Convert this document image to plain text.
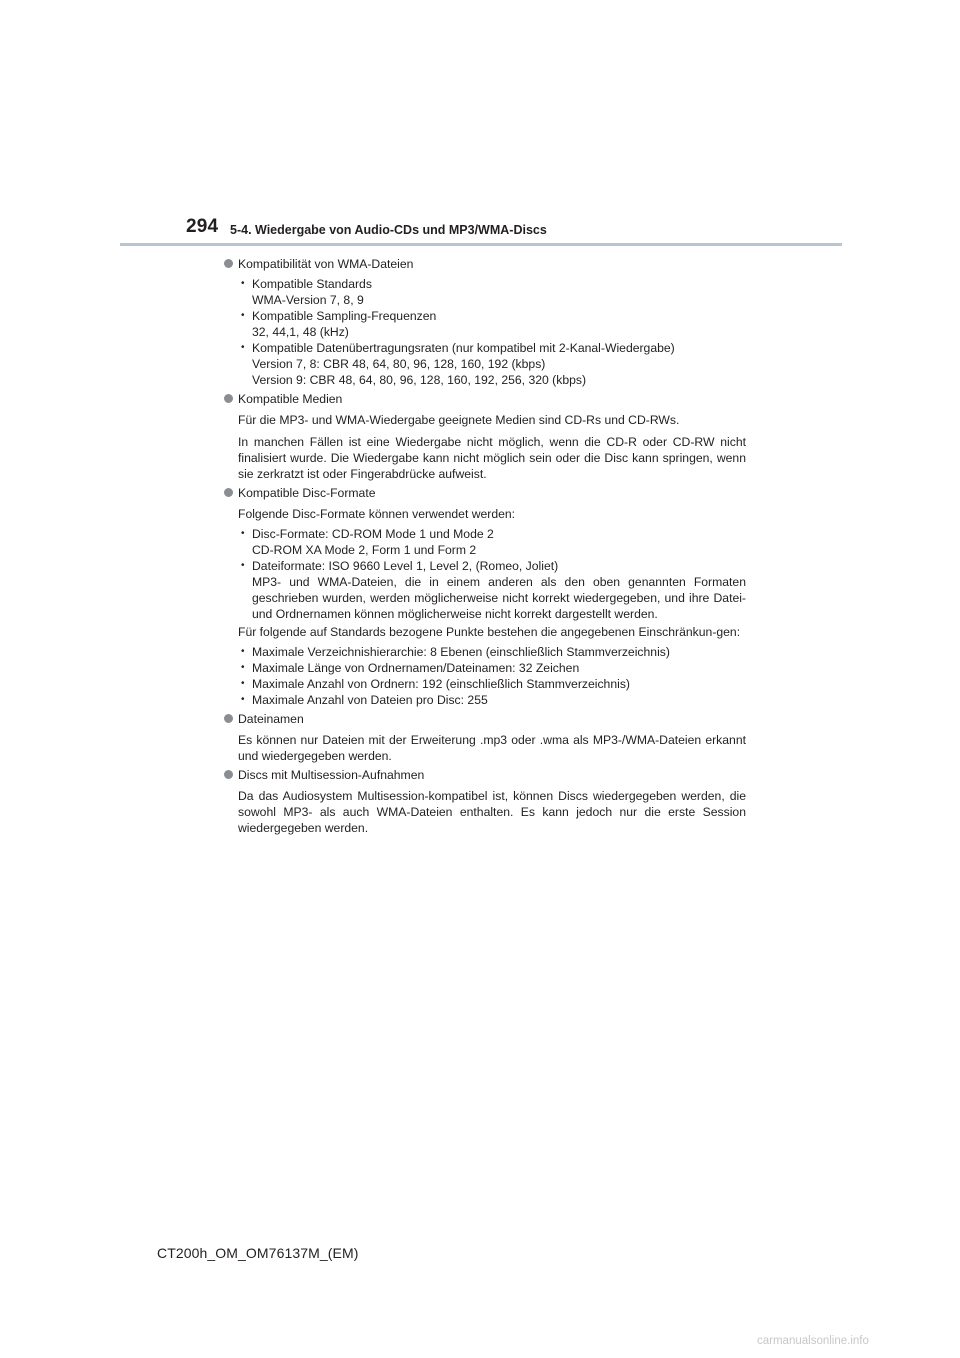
294 5-4. Wiedergabe von Audio-CDs und MP3/WMA-Discs
Kompatibilität von WMA-Dateien
• Kompatible Standards
WMA-Version 7, 8, 9
• Kompatible Sampling-Frequenzen
32, 44,1, 48 (kHz)
• Kompatible Datenübertragungsraten (nur kompatibel mit 2-Kanal-Wiedergabe)
Version 7, 8: CBR 48, 64, 80, 96, 128, 160, 192 (kbps)
Version 9: CBR 48, 64, 80, 96, 128, 160, 192, 256, 320 (kbps)
Kompatible Medien
Für die MP3- und WMA-Wiedergabe geeignete Medien sind CD-Rs und CD-RWs.
In manchen Fällen ist eine Wiedergabe nicht möglich, wenn die CD-R oder CD-RW nicht finalisiert wurde. Die Wiedergabe kann nicht möglich sein oder die Disc kann springen, wenn sie zerkratzt ist oder Fingerabdrücke aufweist.
Kompatible Disc-Formate
Folgende Disc-Formate können verwendet werden:
• Disc-Formate: CD-ROM Mode 1 und Mode 2
CD-ROM XA Mode 2, Form 1 und Form 2
• Dateiformate: ISO 9660 Level 1, Level 2, (Romeo, Joliet)
MP3- und WMA-Dateien, die in einem anderen als den oben genannten Formaten geschrieben wurden, werden möglicherweise nicht korrekt wiedergegeben, und ihre Datei- und Ordnernamen können möglicherweise nicht korrekt dargestellt werden.
Für folgende auf Standards bezogene Punkte bestehen die angegebenen Einschränkun-gen:
• Maximale Verzeichnishierarchie: 8 Ebenen (einschließlich Stammverzeichnis)
• Maximale Länge von Ordnernamen/Dateinamen: 32 Zeichen
• Maximale Anzahl von Ordnern: 192 (einschließlich Stammverzeichnis)
• Maximale Anzahl von Dateien pro Disc: 255
Dateinamen
Es können nur Dateien mit der Erweiterung .mp3 oder .wma als MP3-/WMA-Dateien erkannt und wiedergegeben werden.
Discs mit Multisession-Aufnahmen
Da das Audiosystem Multisession-kompatibel ist, können Discs wiedergegeben werden, die sowohl MP3- als auch WMA-Dateien enthalten. Es kann jedoch nur die erste Session wiedergegeben werden.
CT200h_OM_OM76137M_(EM)
carmanualsonline.info
